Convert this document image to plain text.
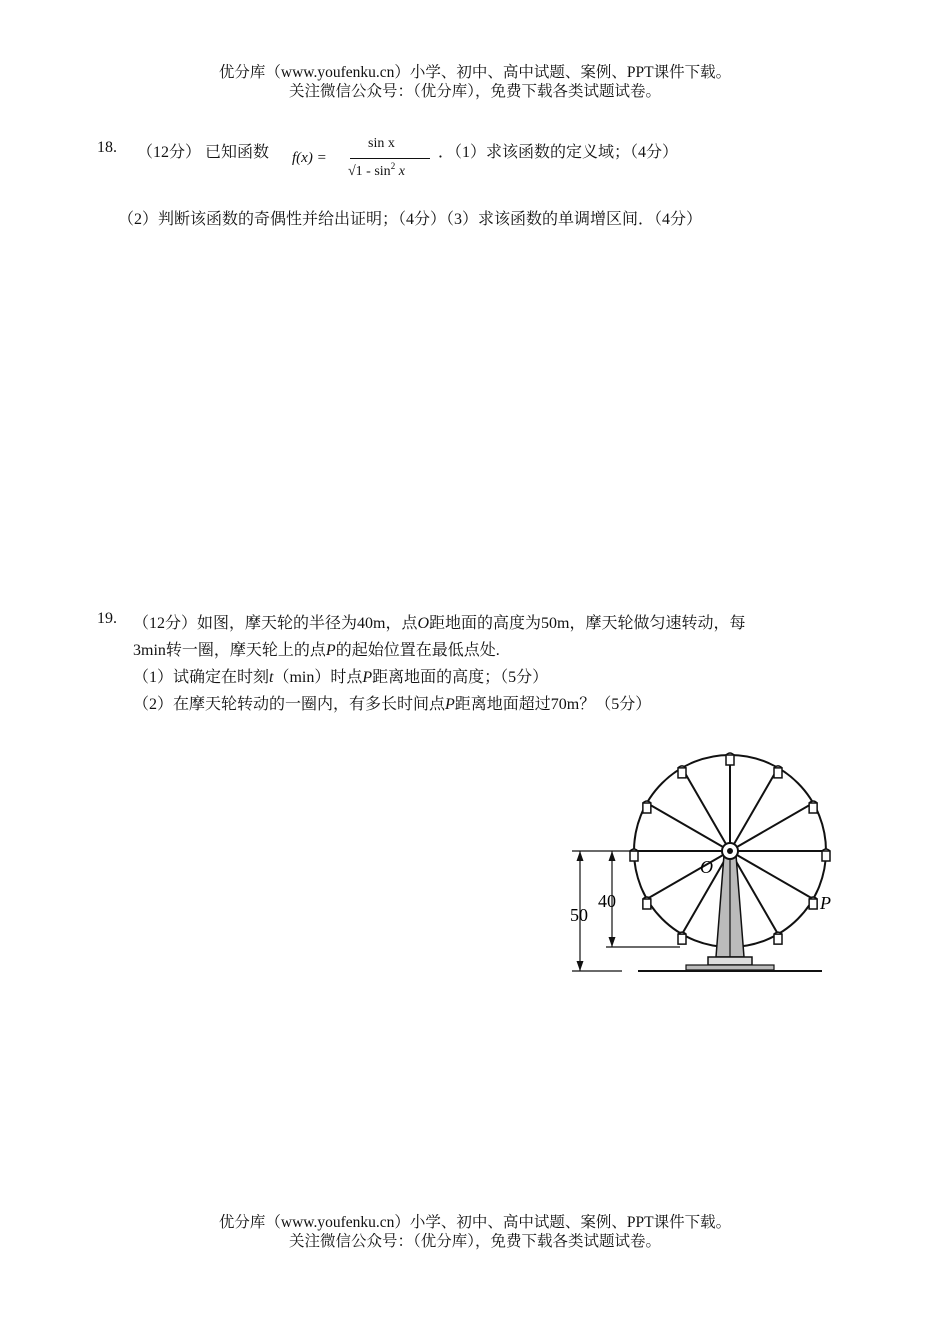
优分库（www.youfenku.cn）小学、初中、高中试题、案例、PPT课件下载。
关注微信公众号：（优分库），免费下载各类试题试卷。
18. （12分） 已知函数 f(x) =
sin x
$√1 - \sin^2 x$
．（1）求该函数的定义域；（4分）
（2）判断该函数的奇偶性并给出证明；（4分）（3）求该函数的单调增区间．（4分）
19. （12分）如图，摩天轮的半径为40m，点O距地面的高度为50m，摩天轮做匀速转动，每
3min转一圈，摩天轮上的点P的起始位置在最低点处.
（1）试确定在时刻t（min）时点P距离地面的高度；（5分）
（2）在摩天轮转动的一圈内，有多长时间点P距离地面超过70m？（5分）
40
50
O
P
优分库（www.youfenku.cn）小学、初中、高中试题、案例、PPT课件下载。
关注微信公众号：（优分库），免费下载各类试题试卷。
